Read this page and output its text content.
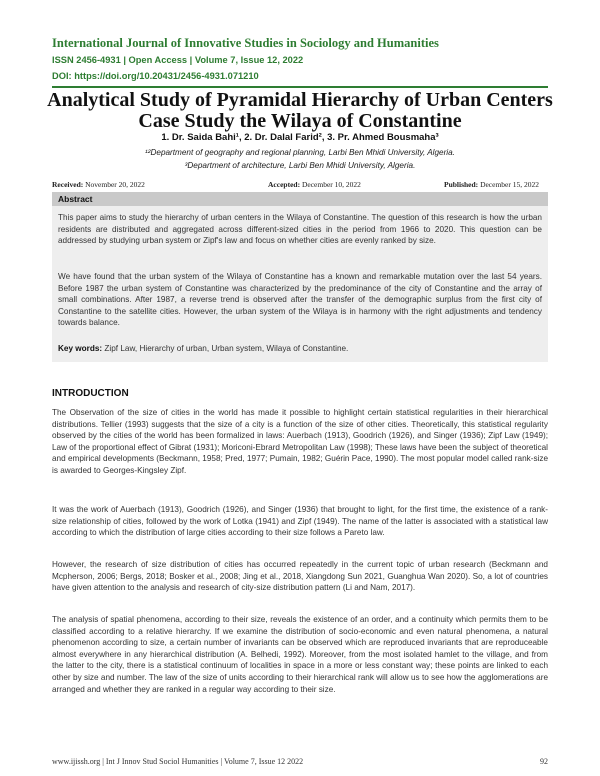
International Journal of Innovative Studies in Sociology and Humanities
ISSN 2456-4931 | Open Access | Volume 7, Issue 12, 2022
DOI: https://doi.org/10.20431/2456-4931.071210
Analytical Study of Pyramidal Hierarchy of Urban Centers Case Study the Wilaya of Constantine
1. Dr. Saida Bahi¹, 2. Dr. Dalal Farid², 3. Pr. Ahmed Bousmaha³
¹²Department of geography and regional planning, Larbi Ben Mhidi University, Algeria.
³Department of architecture, Larbi Ben Mhidi University, Algeria.
Received: November 20, 2022	Accepted: December 10, 2022	Published: December 15, 2022
Abstract

This paper aims to study the hierarchy of urban centers in the Wilaya of Constantine. The question of this research is how the urban residents are distributed and aggregated across different-sized cities in the period from 1966 to 2020. This question can be addressed by studying urban system or Zipf's law and focus on whether cities are evenly ranked by size.

We have found that the urban system of the Wilaya of Constantine has a known and remarkable mutation over the last 54 years. Before 1987 the urban system of Constantine was characterized by the predominance of the city of Constantine and the array of small combinations. After 1987, a reverse trend is observed after the transfer of the demographic surplus from the first city of Constantine to the satellite cities. However, the urban system of the Wilaya is in harmony with the right adjustments and tendency towards balance.

Key words: Zipf Law, Hierarchy of urban, Urban system, Wilaya of Constantine.

INTRODUCTION

The Observation of the size of cities in the world has made it possible to highlight certain statistical regularities in their hierarchical distributions. Tellier (1993) suggests that the size of a city is a function of the size of other cities. Theoretically, this statistical regularity observed by the cities of the world has been formalized in laws: Auerbach (1913), Goodrich (1926), and Singer (1936); Zipf Law (1949); Law of the proportional effect of Gibrat (1931); Moriconi-Ebrard Metropolitan Law (1998); These laws have been the subject of theoretical and empirical developments (Beckmann, 1958; Pred, 1977; Pumain, 1982; Guérin Pace, 1990). The most popular model called rank-size is awarded to Georges-Kingsley Zipf.

It was the work of Auerbach (1913), Goodrich (1926), and Singer (1936) that brought to light, for the first time, the existence of a rank-size relationship of cities, followed by the work of Lotka (1941) and Zipf (1949). The name of the latter is associated with a statistical law according to which the distribution of large cities according to their size follows a Pareto law.

However, the research of size distribution of cities has occurred repeatedly in the current topic of urban research (Beckmann and Mcpherson, 2006; Bergs, 2018; Bosker et al., 2008; Jing et al., 2018, Xiangdong Sun 2021, Guanghua Wan 2020). So, a lot of countries have given attention to the analysis and research of city-size distribution pattern (Li and Nam, 2017).

The analysis of spatial phenomena, according to their size, reveals the existence of an order, and a continuity which permits them to be classified according to a relative hierarchy. If we examine the distribution of socio-economic and even natural phenomena, a natural phenomenon according to size, a certain number of invariants can be observed which are reproduced invariants that are reproduceable almost everywhere in any hierarchical distribution (A. Belhedi, 1992). Moreover, from the most isolated hamlet to the village, and from the latter to the city, there is a statistical continuum of localities in space in a more or less constant way; these points are linked to each other by size and number. The law of the size of units according to their hierarchical rank will allow us to see how the agglomerations are arranged and whether they are ranked in a regular way according to their size.

www.ijissh.org | Int J Innov Stud Sociol Humanities | Volume 7, Issue 12 2022	92
